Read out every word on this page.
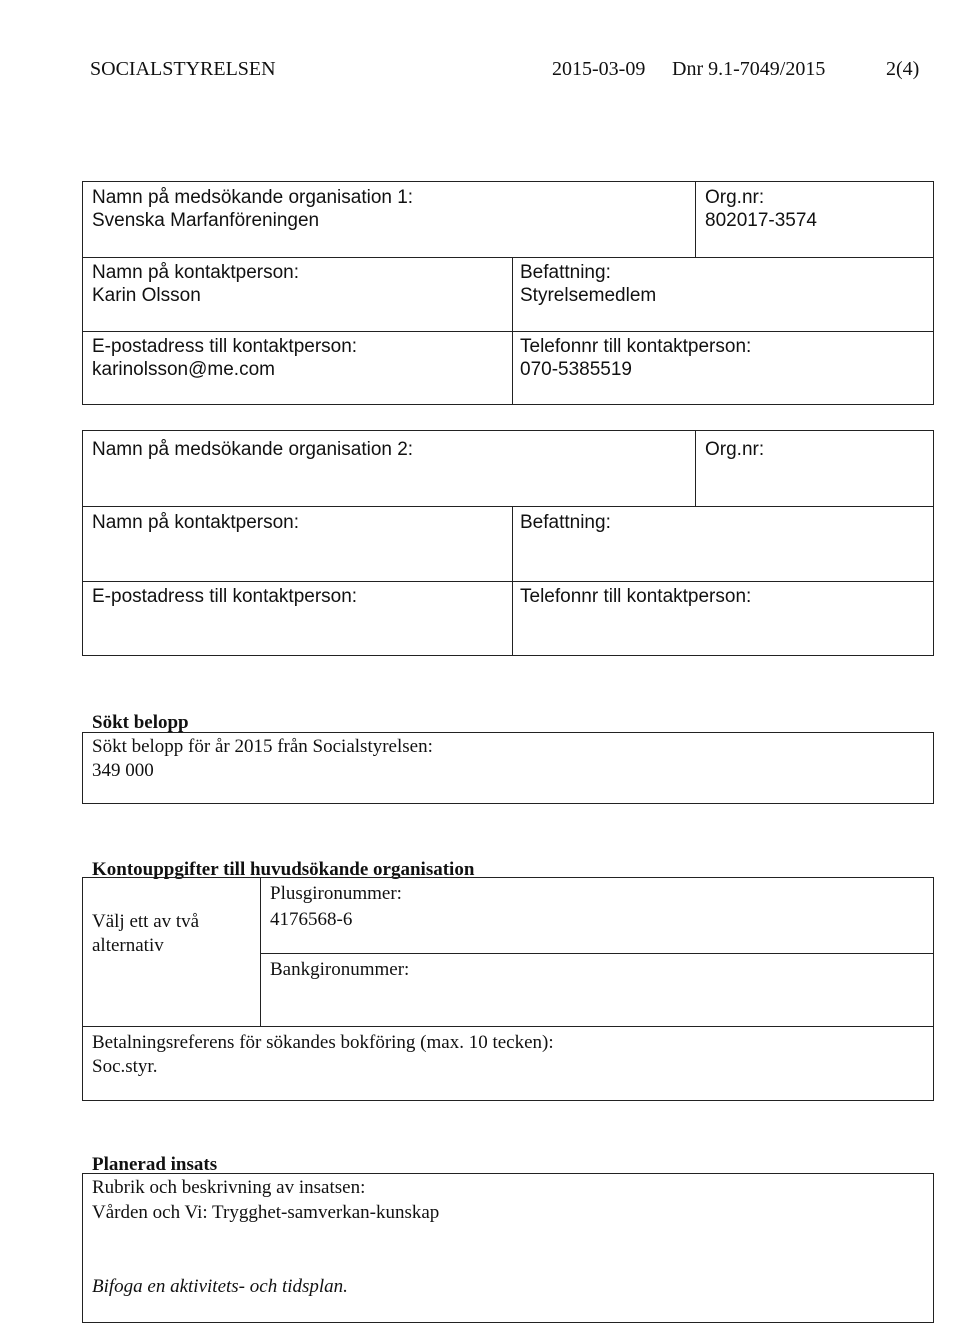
SOCIALSTYRELSEN	2015-03-09 Dnr 9.1-7049/2015	2(4)
Namn på medsökande organisation 1:
Svenska Marfanföreningen
Org.nr:
802017-3574
Namn på kontaktperson:
Karin Olsson
Befattning:
Styrelsemedlem
E-postadress till kontaktperson:
karinolsson@me.com
Telefonnr till kontaktperson:
070-5385519
Namn på medsökande organisation 2:	Org.nr:
Namn på kontaktperson:	Befattning:
E-postadress till kontaktperson:	Telefonnr till kontaktperson:
Sökt belopp
Sökt belopp för år 2015 från Socialstyrelsen:
349 000
Kontouppgifter till huvudsökande organisation
Välj ett av två alternativ
Plusgironummer:
4176568-6
Bankgironummer:
Betalningsreferens för sökandes bokföring (max. 10 tecken):
Soc.styr.
Planerad insats
Rubrik och beskrivning av insatsen:
Vården och Vi: Trygghet-samverkan-kunskap
Bifoga en aktivitets- och tidsplan.
